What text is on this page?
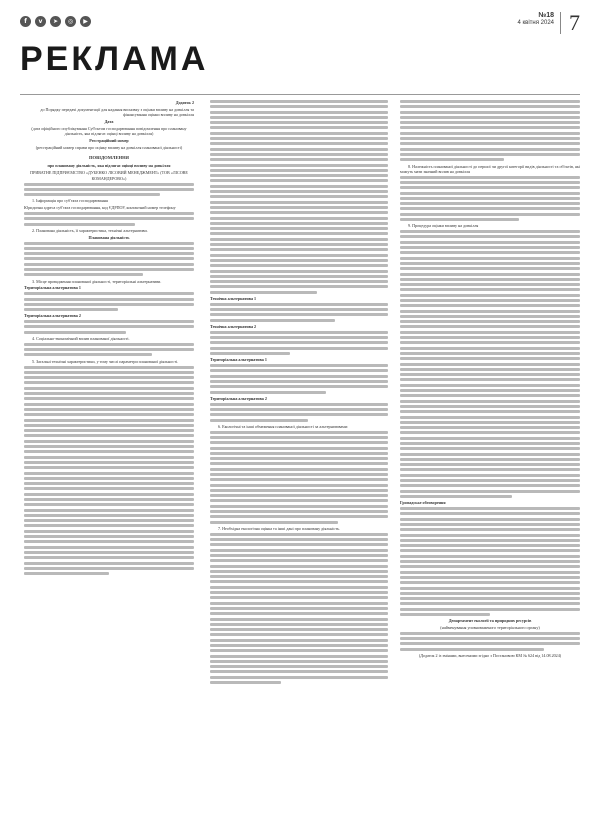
f	v	➤	◎	▶
№18
4 квітня 2024 7
РЕКЛАМА

Додаток 2

до Порядку передачі документації для надання висновку з оцінки впливу на довкілля та фінансування оцінки впливу на довкілля

Дата

(дата офіційного опублікування Суб'єктом господарювання повідомлення про плановану діяльність, яка підлягає оцінці впливу на довкілля)

Реєстраційний номер

(реєстраційний номер справи про оцінку впливу на довкілля планованої діяльності)

ПОВІДОМЛЕННЯ

про плановану діяльність, яка підлягає оцінці впливу на довкілля

ПРИВАТНЕ ПІДПРИЄМСТВО «ДУБЕНКО ЛІСОВИЙ МЕНЕДЖМЕНТ» (ТОВ «ЛІСОВЕ КОМАНДЕРОВО»)

1. Інформація про суб'єкта господарювання

Юридична адреса суб'єкта господарювання, код ЄДРПОУ, контактний номер телефону

2. Планована діяльність, її характеристика, технічні альтернативи.

Планована діяльність

3. Місце провадження планованої діяльності, територіальні альтернативи.

Територіальна альтернатива 1

Територіальна альтернатива 2

4. Соціально-економічний вплив планованої діяльності.

5. Загальні технічні характеристики, у тому числі параметри планованої діяльності.

Технічна альтернатива 1

Технічна альтернатива 2

Територіальна альтернатива 1

Територіальна альтернатива 2

6. Екологічні та інші обмеження планованої діяльності за альтернативами:

7. Необхідна екологічна оцінка та інші дані про плановану діяльність.

8. Належність планованої діяльності до першої чи другої категорії видів діяльності та об'єктів, які можуть мати значний вплив на довкілля

9. Процедура оцінки впливу на довкілля

Громадське обговорення

Департамент екології та природних ресурсів

(найменування уповноваженого територіального органу)

(Додаток 2 із змінами, внесеними згідно з Постановою КМ № 624 від 14.08.2024)
